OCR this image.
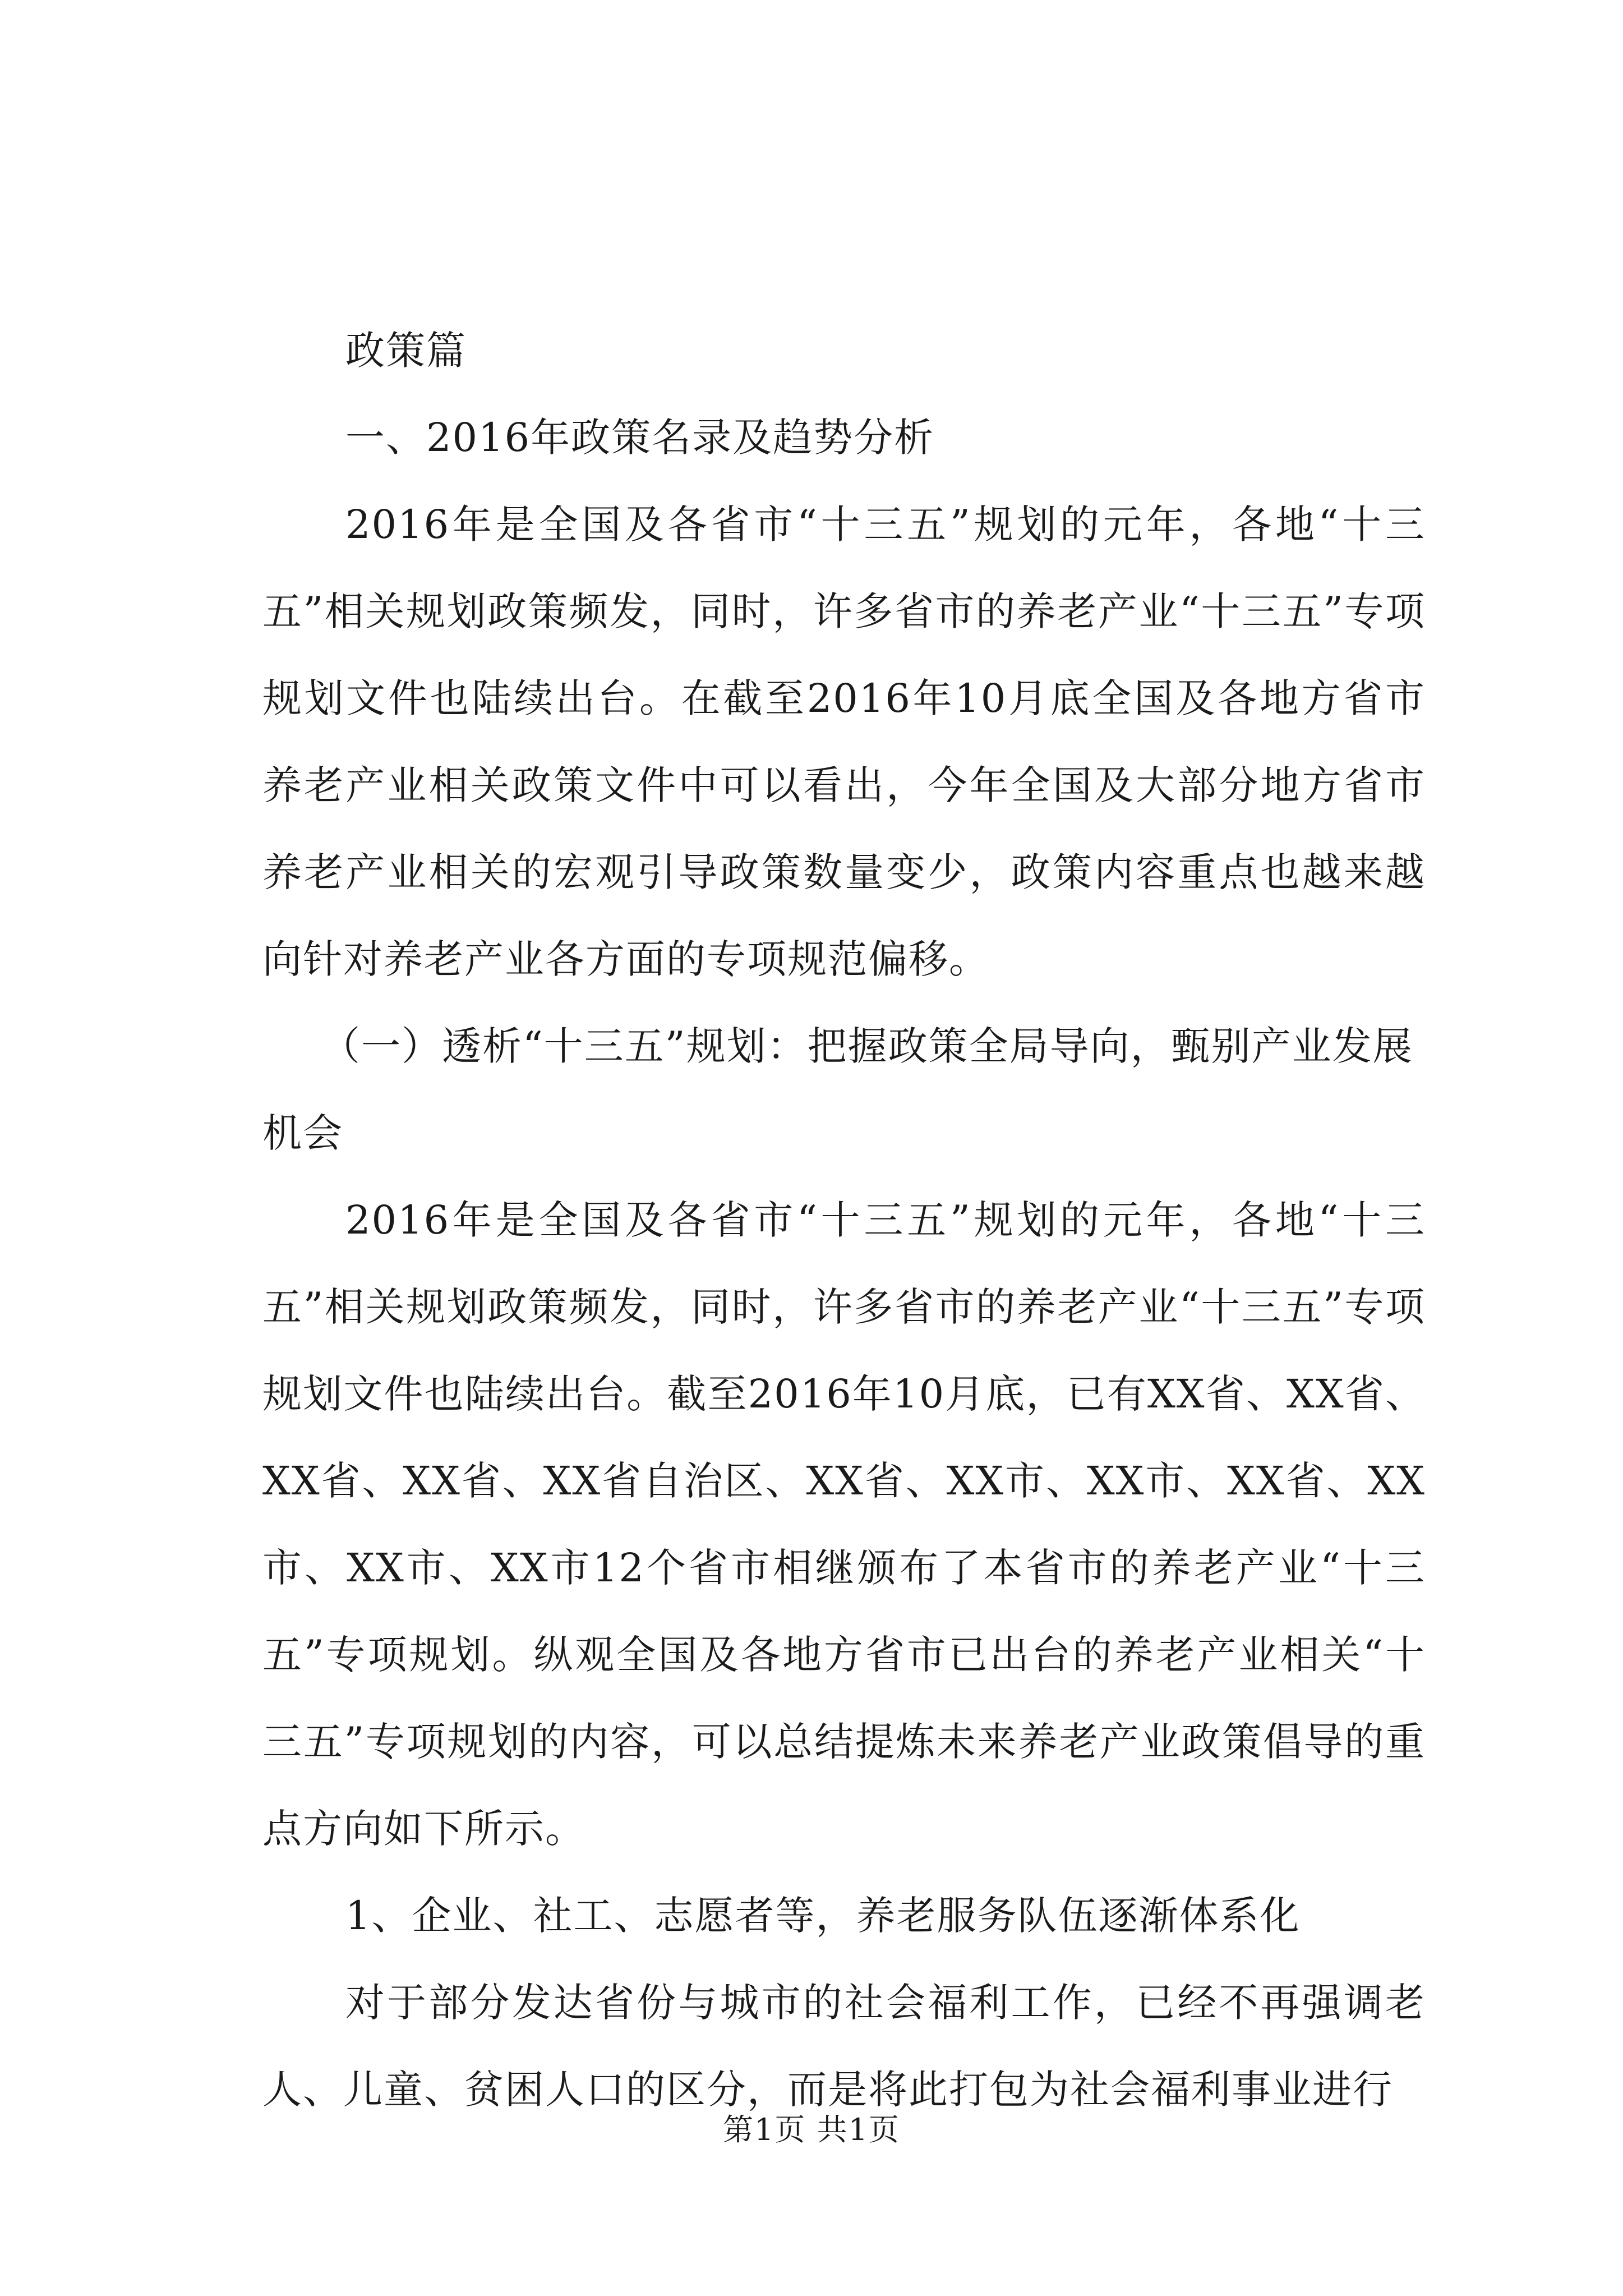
政策篇
一、2016年政策名录及趋势分析

2016年是全国及各省市“十三五”规划的元年，各地“十三五”相关规划政策频发，同时，许多省市的养老产业“十三五”专项规划文件也陆续出台。在截至2016年10月底全国及各地方省市养老产业相关政策文件中可以看出，今年全国及大部分地方省市养老产业相关的宏观引导政策数量变少，政策内容重点也越来越向针对养老产业各方面的专项规范偏移。

（一）透析“十三五”规划：把握政策全局导向，甄别产业发展机会

2016年是全国及各省市“十三五”规划的元年，各地“十三五”相关规划政策频发，同时，许多省市的养老产业“十三五”专项规划文件也陆续出台。截至2016年10月底，已有XX省、XX省、XX省、XX省、XX省自治区、XX省、XX市、XX市、XX省、XX市、XX市、XX市12个省市相继颁布了本省市的养老产业“十三五”专项规划。纵观全国及各地方省市已出台的养老产业相关“十三五”专项规划的内容，可以总结提炼未来养老产业政策倡导的重点方向如下所示。

1、企业、社工、志愿者等，养老服务队伍逐渐体系化

对于部分发达省份与城市的社会福利工作，已经不再强调老人、儿童、贫困人口的区分，而是将此打包为社会福利事业进行

第1页 共1页
